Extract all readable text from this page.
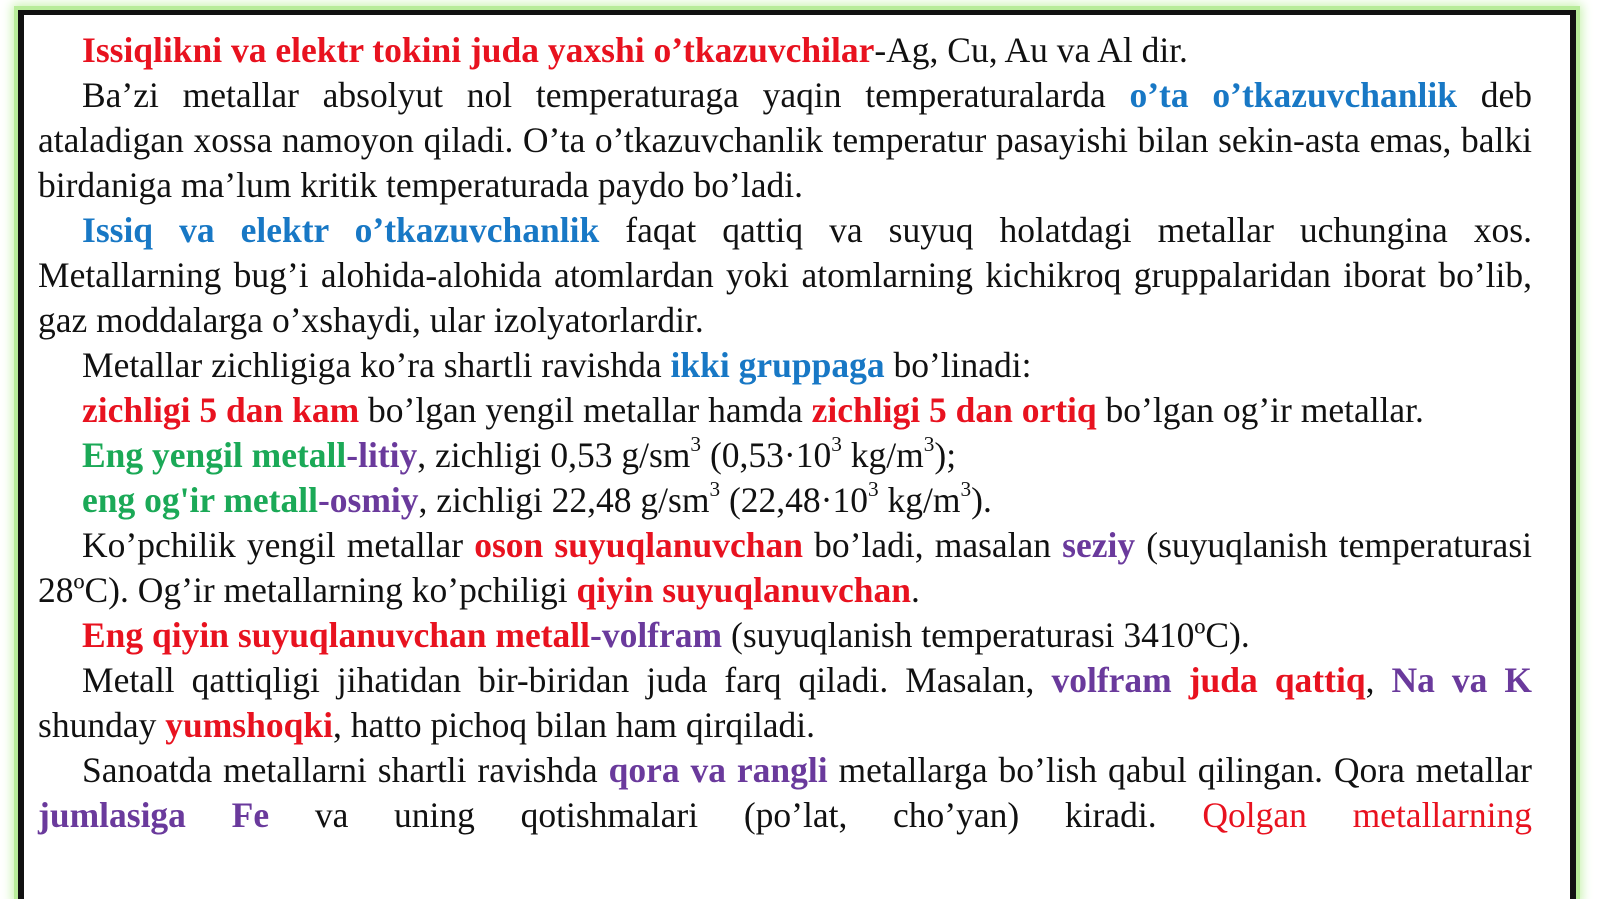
Issiqlikni va elektr tokini juda yaxshi o’tkazuvchilar-Ag, Cu, Au va Al dir.

Ba’zi metallar absolyut nol temperaturaga yaqin temperaturalarda o’ta o’tkazuvchanlik deb ataladigan xossa namoyon qiladi. O’ta o’tkazuvchanlik temperatur pasayishi bilan sekin-asta emas, balki birdaniga ma’lum kritik temperaturada paydo bo’ladi.

Issiq va elektr o’tkazuvchanlik faqat qattiq va suyuq holatdagi metallar uchungina xos. Metallarning bug’i alohida-alohida atomlardan yoki atomlarning kichikroq gruppalaridan iborat bo’lib, gaz moddalarga o’xshaydi, ular izolyatorlardir.

Metallar zichligiga ko’ra shartli ravishda ikki gruppaga bo’linadi:

zichligi 5 dan kam bo’lgan yengil metallar hamda zichligi 5 dan ortiq bo’lgan og’ir metallar.

Eng yengil metall-litiy, zichligi 0,53 $g/sm^3$ ($0,53\cdot 10^3$ $kg/m^3$);

eng og'ir metall-osmiy, zichligi 22,48 $g/sm^3$ ($22,48\cdot 10^3$ $kg/m^3$).

Ko’pchilik yengil metallar oson suyuqlanuvchan bo’ladi, masalan seziy (suyuqlanish temperaturasi 28ºC). Og’ir metallarning ko’pchiligi qiyin suyuqlanuvchan.

Eng qiyin suyuqlanuvchan metall-volfram (suyuqlanish temperaturasi 3410ºC).

Metall qattiqligi jihatidan bir-biridan juda farq qiladi. Masalan, volfram juda qattiq, Na va K shunday yumshoqki, hatto pichoq bilan ham qirqiladi.

Sanoatda metallarni shartli ravishda qora va rangli metallarga bo’lish qabul qilingan. Qora metallar jumlasiga Fe va uning qotishmalari (po’lat, cho’yan) kiradi. Qolgan metallarning
